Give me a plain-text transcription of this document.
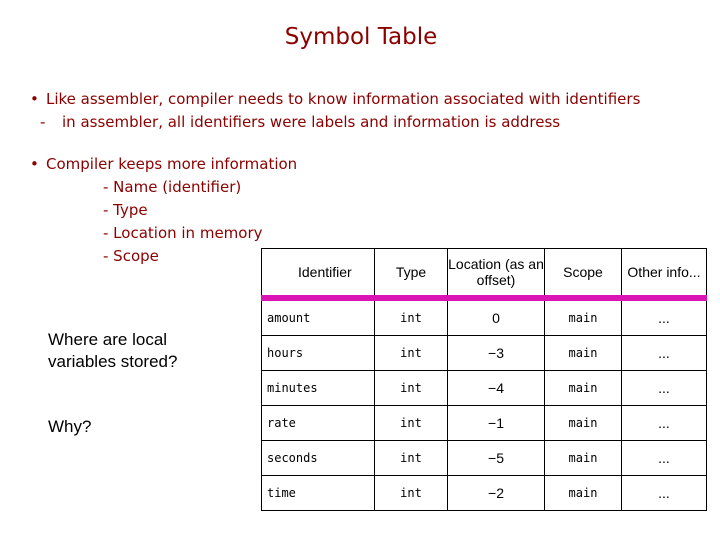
Symbol Table
• Like assembler, compiler needs to know information associated with identifiers
- in assembler, all identifiers were labels and information is address
• Compiler keeps more information
- Name (identifier)
- Type
- Location in memory
- Scope
Where are local variables stored?
Why?
Identifier	Type	Location (as an offset)	Scope	Other info...
amount	int	0	main	...
hours	int	−3	main	...
minutes	int	−4	main	...
rate	int	−1	main	...
seconds	int	−5	main	...
time	int	−2	main	...
